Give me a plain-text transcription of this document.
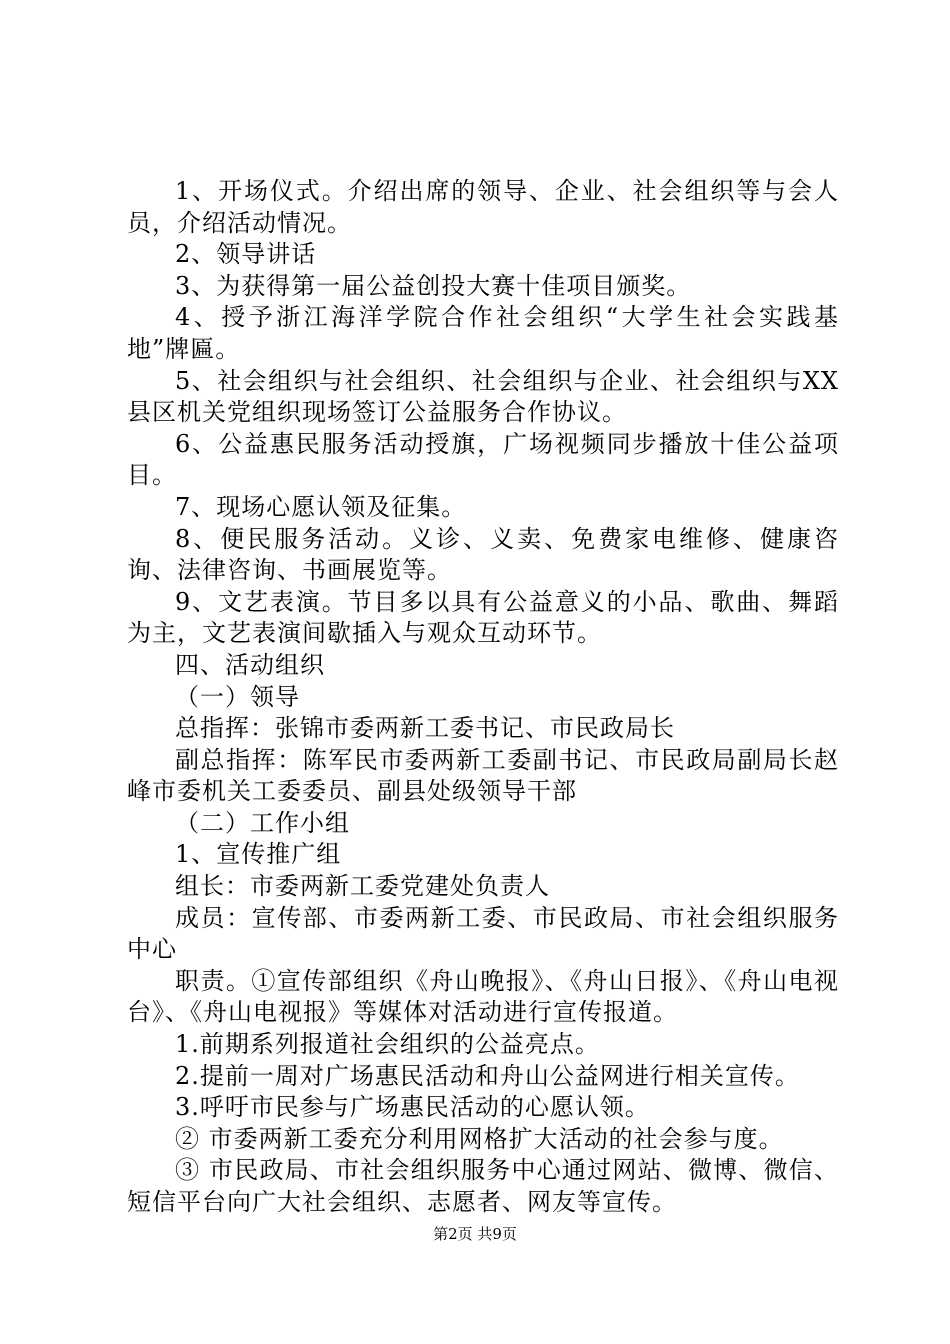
1、开场仪式。介绍出席的领导、企业、社会组织等与会人员，介绍活动情况。

2、领导讲话

3、为获得第一届公益创投大赛十佳项目颁奖。

4、授予浙江海洋学院合作社会组织“大学生社会实践基地”牌匾。

5、社会组织与社会组织、社会组织与企业、社会组织与XX县区机关党组织现场签订公益服务合作协议。

6、公益惠民服务活动授旗，广场视频同步播放十佳公益项目。

7、现场心愿认领及征集。

8、便民服务活动。义诊、义卖、免费家电维修、健康咨询、法律咨询、书画展览等。

9、文艺表演。节目多以具有公益意义的小品、歌曲、舞蹈为主，文艺表演间歇插入与观众互动环节。

四、活动组织

（一）领导

总指挥：张锦市委两新工委书记、市民政局长

副总指挥：陈军民市委两新工委副书记、市民政局副局长赵峰市委机关工委委员、副县处级领导干部

（二）工作小组

1、宣传推广组

组长：市委两新工委党建处负责人

成员：宣传部、市委两新工委、市民政局、市社会组织服务中心

职责。①宣传部组织《舟山晚报》、《舟山日报》、《舟山电视台》、《舟山电视报》等媒体对活动进行宣传报道。

1.前期系列报道社会组织的公益亮点。

2.提前一周对广场惠民活动和舟山公益网进行相关宣传。

3.呼吁市民参与广场惠民活动的心愿认领。

② 市委两新工委充分利用网格扩大活动的社会参与度。

③ 市民政局、市社会组织服务中心通过网站、微博、微信、短信平台向广大社会组织、志愿者、网友等宣传。

第2页 共9页
